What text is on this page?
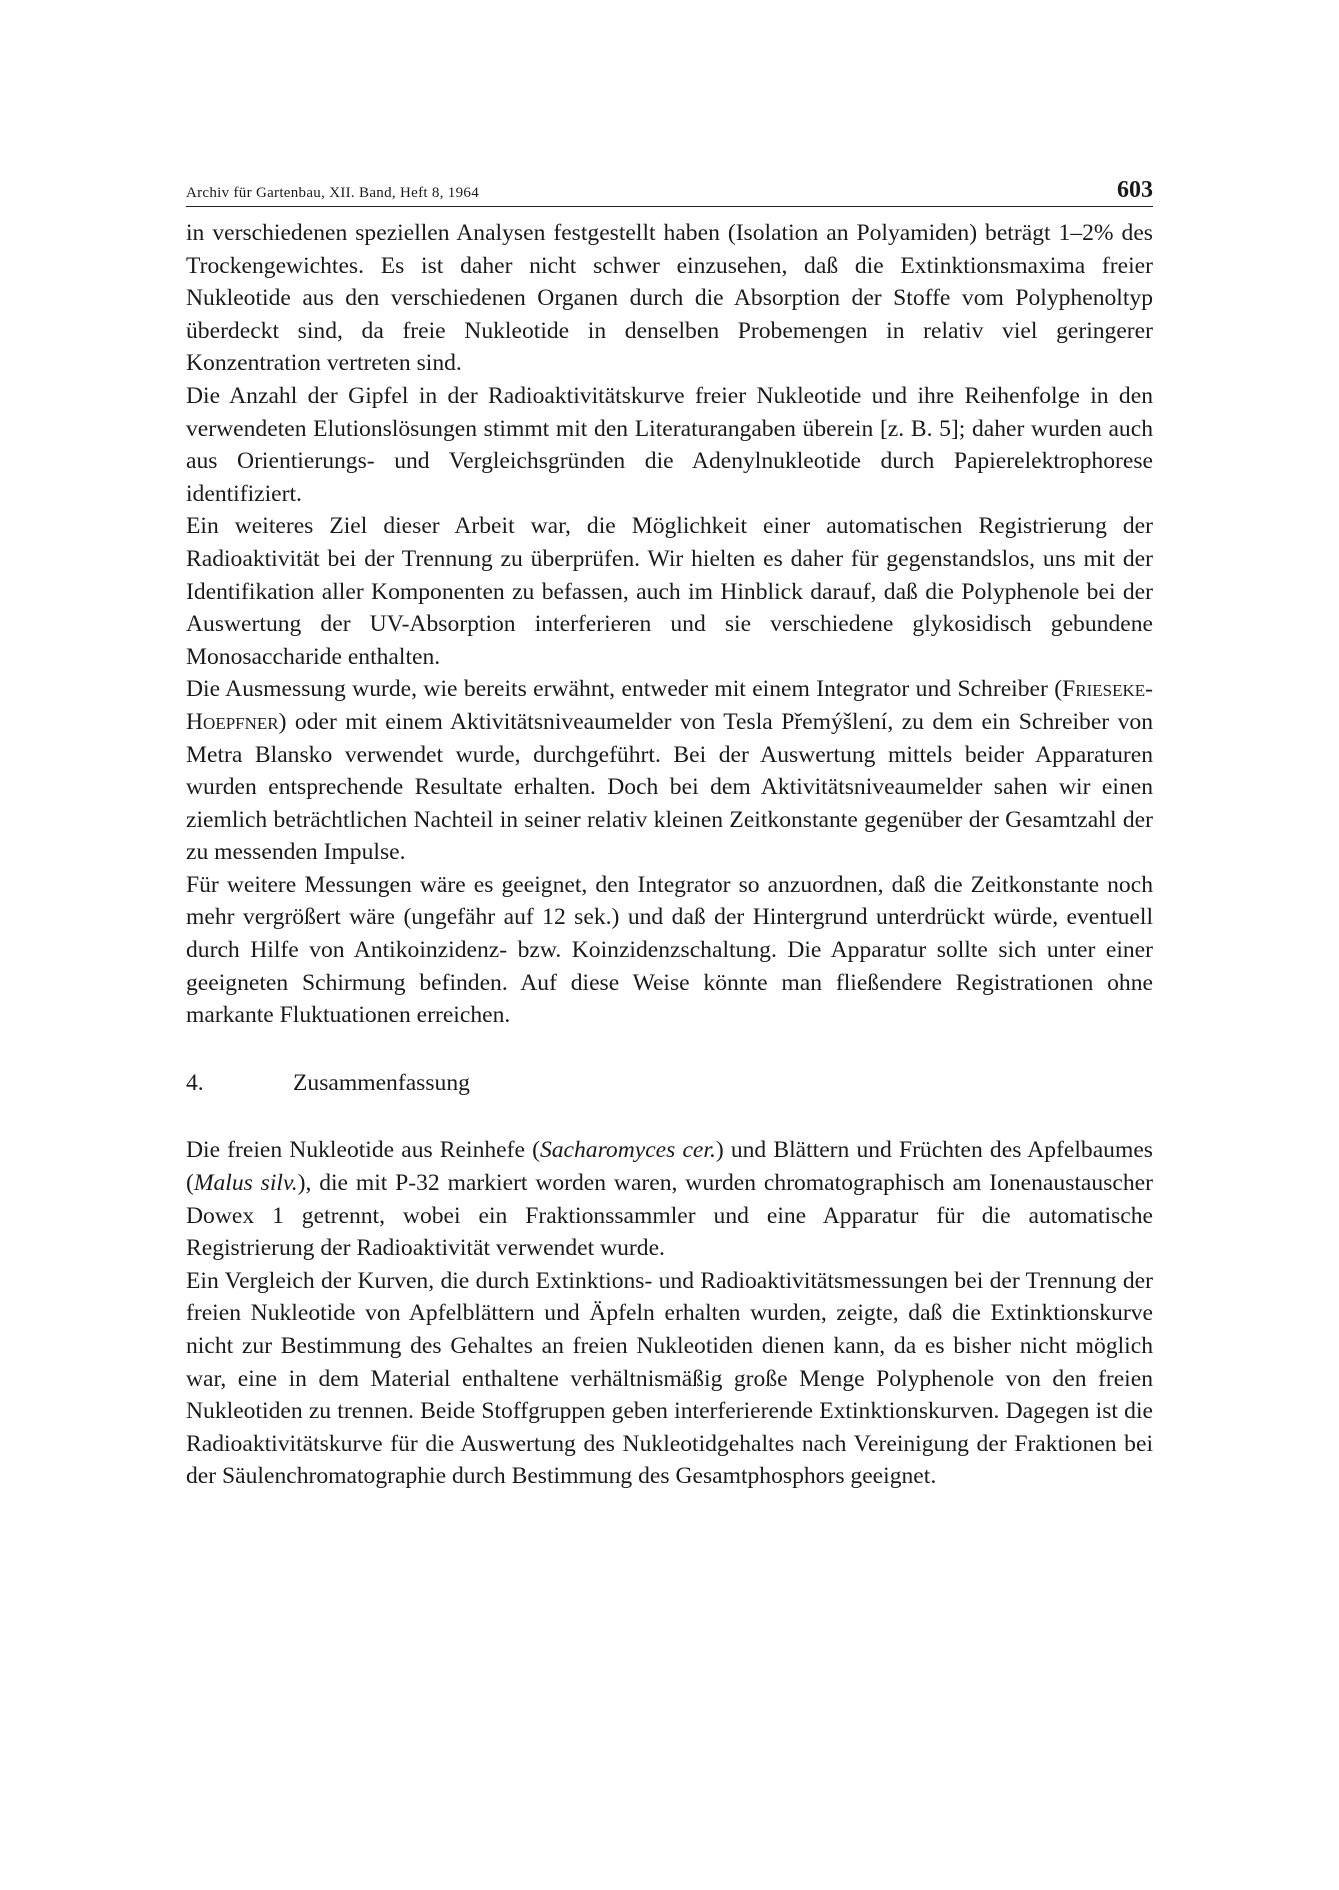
Archiv für Gartenbau, XII. Band, Heft 8, 1964	603

in verschiedenen speziellen Analysen festgestellt haben (Isolation an Polyamiden) beträgt 1–2% des Trockengewichtes. Es ist daher nicht schwer einzusehen, daß die Extinktionsmaxima freier Nukleotide aus den verschiedenen Organen durch die Absorption der Stoffe vom Polyphenoltyp überdeckt sind, da freie Nukleotide in denselben Probemengen in relativ viel geringerer Konzentration vertreten sind.

Die Anzahl der Gipfel in der Radioaktivitätskurve freier Nukleotide und ihre Reihenfolge in den verwendeten Elutionslösungen stimmt mit den Literaturangaben überein [z. B. 5]; daher wurden auch aus Orientierungs- und Vergleichsgründen die Adenylnukleotide durch Papierelektrophorese identifiziert.

Ein weiteres Ziel dieser Arbeit war, die Möglichkeit einer automatischen Registrierung der Radioaktivität bei der Trennung zu überprüfen. Wir hielten es daher für gegenstandslos, uns mit der Identifikation aller Komponenten zu befassen, auch im Hinblick darauf, daß die Polyphenole bei der Auswertung der UV-Absorption interferieren und sie verschiedene glykosidisch gebundene Monosaccharide enthalten.

Die Ausmessung wurde, wie bereits erwähnt, entweder mit einem Integrator und Schreiber (Frieseke-Hoepfner) oder mit einem Aktivitätsniveaumelder von Tesla Přemýšlení, zu dem ein Schreiber von Metra Blansko verwendet wurde, durchgeführt. Bei der Auswertung mittels beider Apparaturen wurden entsprechende Resultate erhalten. Doch bei dem Aktivitätsniveaumelder sahen wir einen ziemlich beträchtlichen Nachteil in seiner relativ kleinen Zeitkonstante gegenüber der Gesamtzahl der zu messenden Impulse.

Für weitere Messungen wäre es geeignet, den Integrator so anzuordnen, daß die Zeitkonstante noch mehr vergrößert wäre (ungefähr auf 12 sek.) und daß der Hintergrund unterdrückt würde, eventuell durch Hilfe von Antikoinzidenz- bzw. Koinzidenzschaltung. Die Apparatur sollte sich unter einer geeigneten Schirmung befinden. Auf diese Weise könnte man fließendere Registrationen ohne markante Fluktuationen erreichen.

4.	Zusammenfassung

Die freien Nukleotide aus Reinhefe (Sacharomyces cer.) und Blättern und Früchten des Apfelbaumes (Malus silv.), die mit P-32 markiert worden waren, wurden chromatographisch am Ionenaustauscher Dowex 1 getrennt, wobei ein Fraktionssammler und eine Apparatur für die automatische Registrierung der Radioaktivität verwendet wurde.

Ein Vergleich der Kurven, die durch Extinktions- und Radioaktivitätsmessungen bei der Trennung der freien Nukleotide von Apfelblättern und Äpfeln erhalten wurden, zeigte, daß die Extinktionskurve nicht zur Bestimmung des Gehaltes an freien Nukleotiden dienen kann, da es bisher nicht möglich war, eine in dem Material enthaltene verhältnismäßig große Menge Polyphenole von den freien Nukleotiden zu trennen. Beide Stoffgruppen geben interferierende Extinktionskurven. Dagegen ist die Radioaktivitätskurve für die Auswertung des Nukleotidgehaltes nach Vereinigung der Fraktionen bei der Säulenchromatographie durch Bestimmung des Gesamtphosphors geeignet.
